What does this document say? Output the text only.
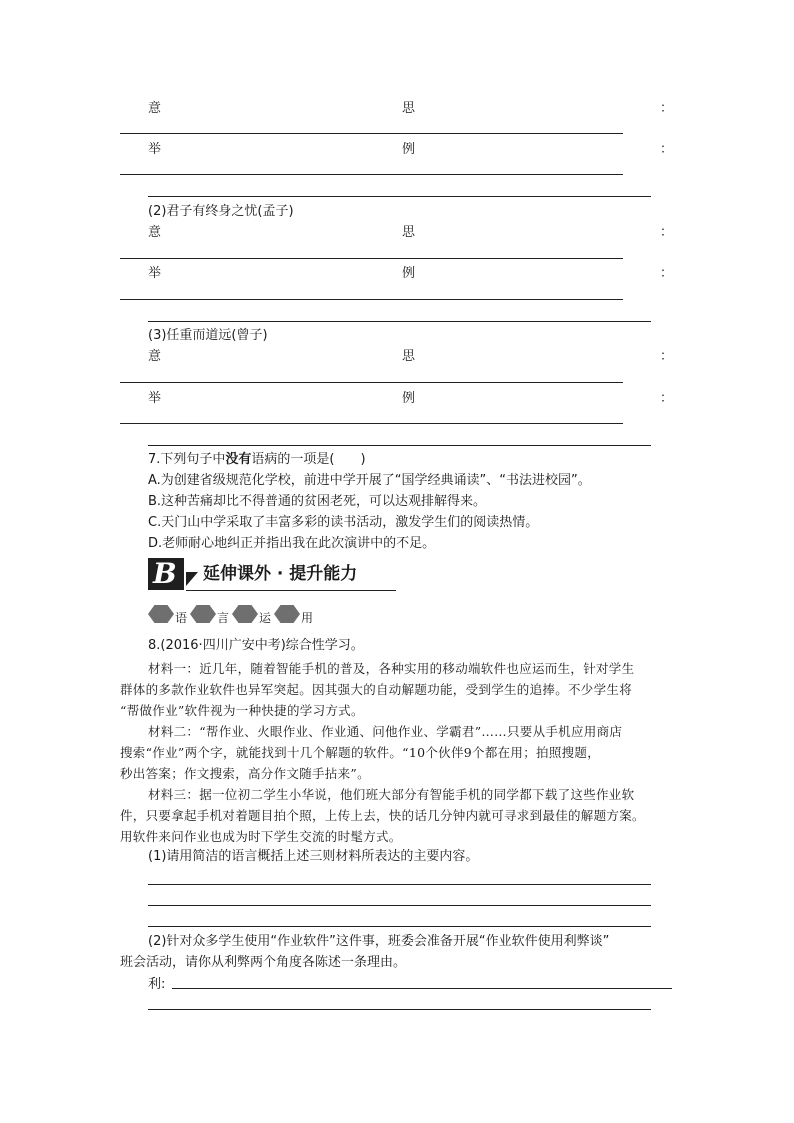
意	思	：
举	例	：
(2)君子有终身之忧(孟子)
意	思	：
举	例	：
(3)任重而道远(曾子)
意	思	：
举	例	：
7.下列句子中没有语病的一项是(　　)
A.为创建省级规范化学校，前进中学开展了“国学经典诵读”、“书法进校园”。
B.这种苦痛却比不得普通的贫困老死，可以达观排解得来。
C.天门山中学采取了丰富多彩的读书活动，激发学生们的阅读热情。
D.老师耐心地纠正并指出我在此次演讲中的不足。
B 延伸课外 · 提升能力
语 言 运 用
8.(2016·四川广安中考)综合性学习。
材料一：近几年，随着智能手机的普及，各种实用的移动端软件也应运而生，针对学生
群体的多款作业软件也异军突起。因其强大的自动解题功能，受到学生的追捧。不少学生将
“帮做作业”软件视为一种快捷的学习方式。
材料二：“帮作业、火眼作业、作业通、问他作业、学霸君”……只要从手机应用商店
搜索“作业”两个字，就能找到十几个解题的软件。“10个伙伴9个都在用；拍照搜题，
秒出答案；作文搜索，高分作文随手拈来”。
材料三：据一位初二学生小华说，他们班大部分有智能手机的同学都下载了这些作业软
件，只要拿起手机对着题目拍个照，上传上去，快的话几分钟内就可寻求到最佳的解题方案。
用软件来问作业也成为时下学生交流的时髦方式。
(1)请用简洁的语言概括上述三则材料所表达的主要内容。
(2)针对众多学生使用“作业软件”这件事，班委会准备开展“作业软件使用利弊谈”
班会活动，请你从利弊两个角度各陈述一条理由。
利:
